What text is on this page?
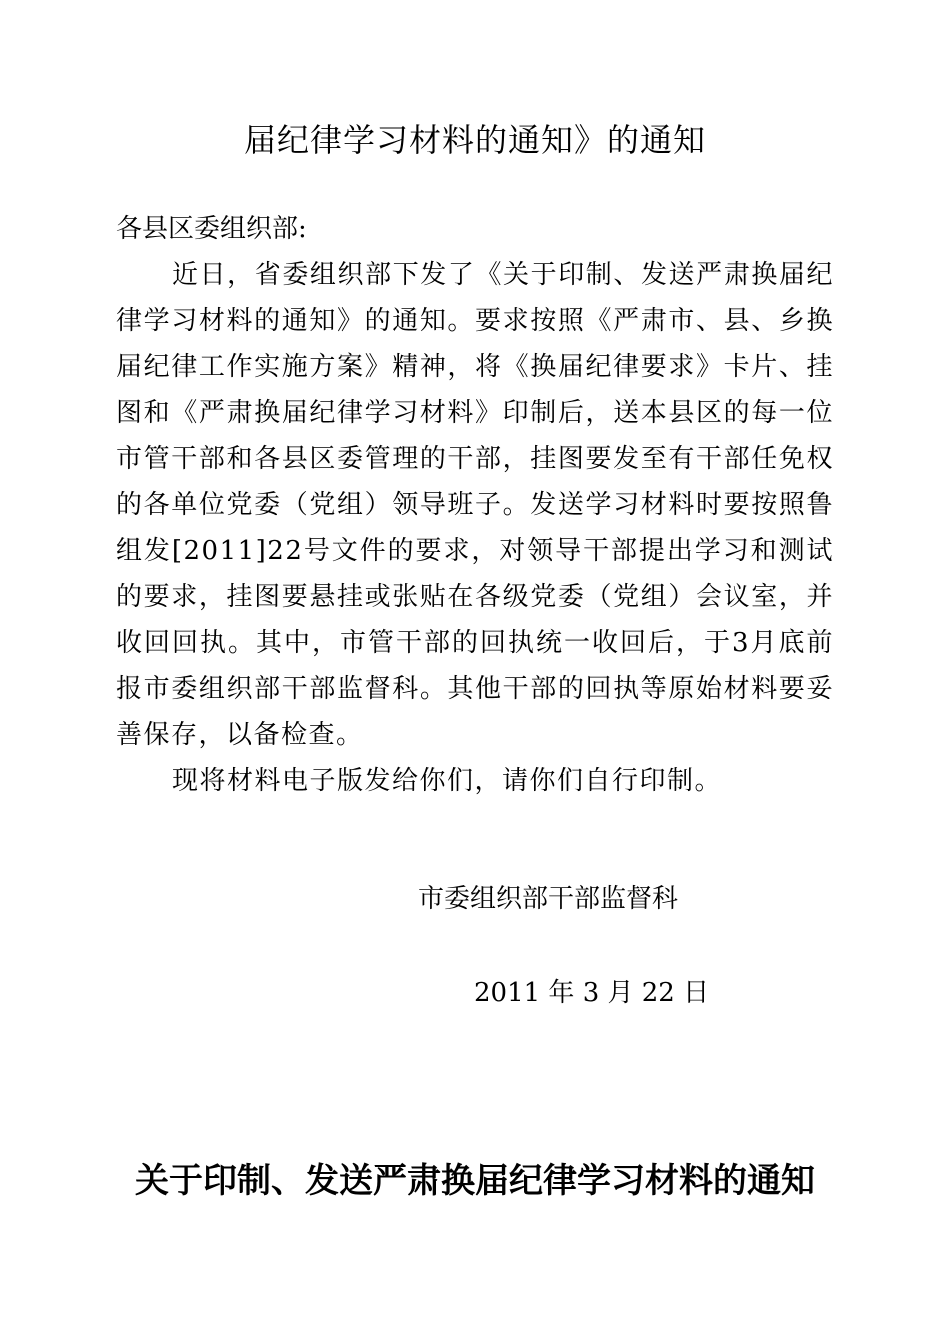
届纪律学习材料的通知》的通知

各县区委组织部:

近日，省委组织部下发了《关于印制、发送严肃换届纪律学习材料的通知》的通知。要求按照《严肃市、县、乡换届纪律工作实施方案》精神，将《换届纪律要求》卡片、挂图和《严肃换届纪律学习材料》印制后，送本县区的每一位市管干部和各县区委管理的干部，挂图要发至有干部任免权的各单位党委（党组）领导班子。发送学习材料时要按照鲁组发[2011]22号文件的要求，对领导干部提出学习和测试的要求，挂图要悬挂或张贴在各级党委（党组）会议室，并收回回执。其中，市管干部的回执统一收回后，于3月底前报市委组织部干部监督科。其他干部的回执等原始材料要妥善保存，以备检查。

现将材料电子版发给你们，请你们自行印制。

市委组织部干部监督科
2011 年 3 月 22 日
关于印制、发送严肃换届纪律学习材料的通知
